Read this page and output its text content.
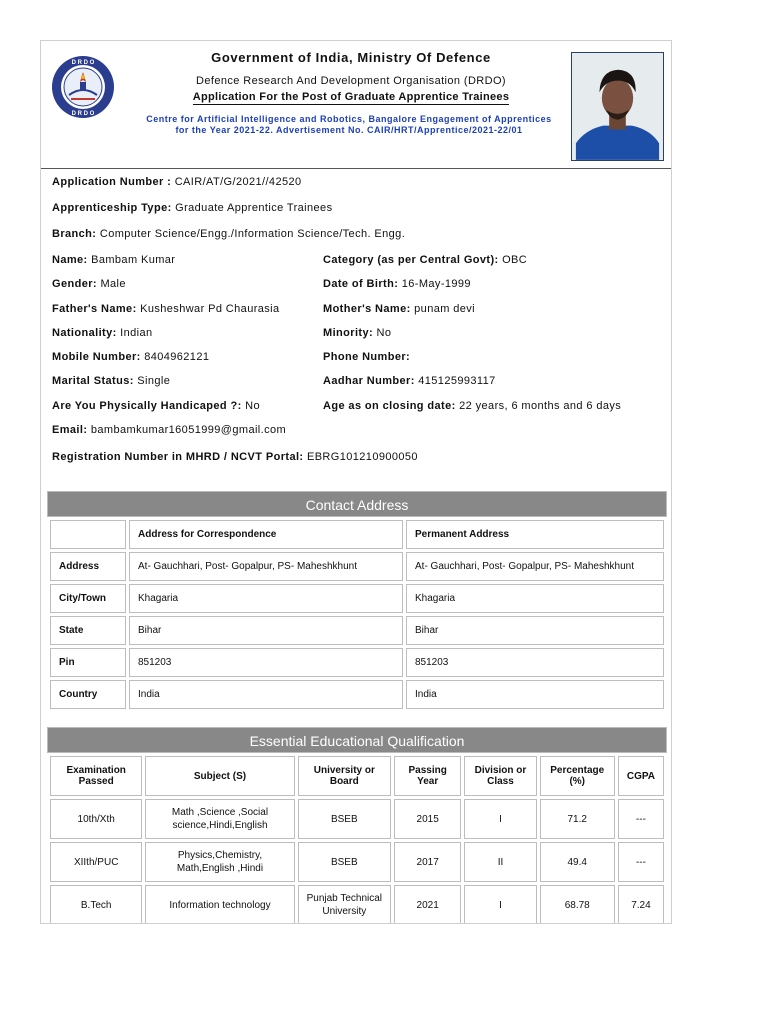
D R D O
D R D O
Government of India, Ministry Of Defence
Defence Research And Development Organisation (DRDO)
Application For the Post of Graduate Apprentice Trainees
Centre for Artificial Intelligence and Robotics, Bangalore Engagement of Apprentices
for the Year 2021-22. Advertisement No. CAIR/HRT/Apprentice/2021-22/01
Application Number : CAIR/AT/G/2021//42520
Apprenticeship Type: Graduate Apprentice Trainees
Branch: Computer Science/Engg./Information Science/Tech. Engg.
Name: Bambam Kumar	Category (as per Central Govt): OBC
Gender: Male	Date of Birth: 16-May-1999
Father's Name: Kusheshwar Pd Chaurasia	Mother's Name: punam devi
Nationality: Indian	Minority: No
Mobile Number: 8404962121	Phone Number:
Marital Status: Single	Aadhar Number: 415125993117
Are You Physically Handicaped ?: No	Age as on closing date: 22 years, 6 months and 6 days
Email: bambamkumar16051999@gmail.com
Registration Number in MHRD / NCVT Portal: EBRG101210900050
Contact Address
	Address for Correspondence	Permanent Address
Address	At- Gauchhari, Post- Gopalpur, PS- Maheshkhunt	At- Gauchhari, Post- Gopalpur, PS- Maheshkhunt
City/Town	Khagaria	Khagaria
State	Bihar	Bihar
Pin	851203	851203
Country	India	India
Essential Educational Qualification
Examination Passed	Subject (S)	University or Board	Passing Year	Division or Class	Percentage (%)	CGPA
10th/Xth	Math ,Science ,Social science,Hindi,English	BSEB	2015	I	71.2	---
XIIth/PUC	Physics,Chemistry, Math,English ,Hindi	BSEB	2017	II	49.4	---
B.Tech	Information technology	Punjab Technical University	2021	I	68.78	7.24
